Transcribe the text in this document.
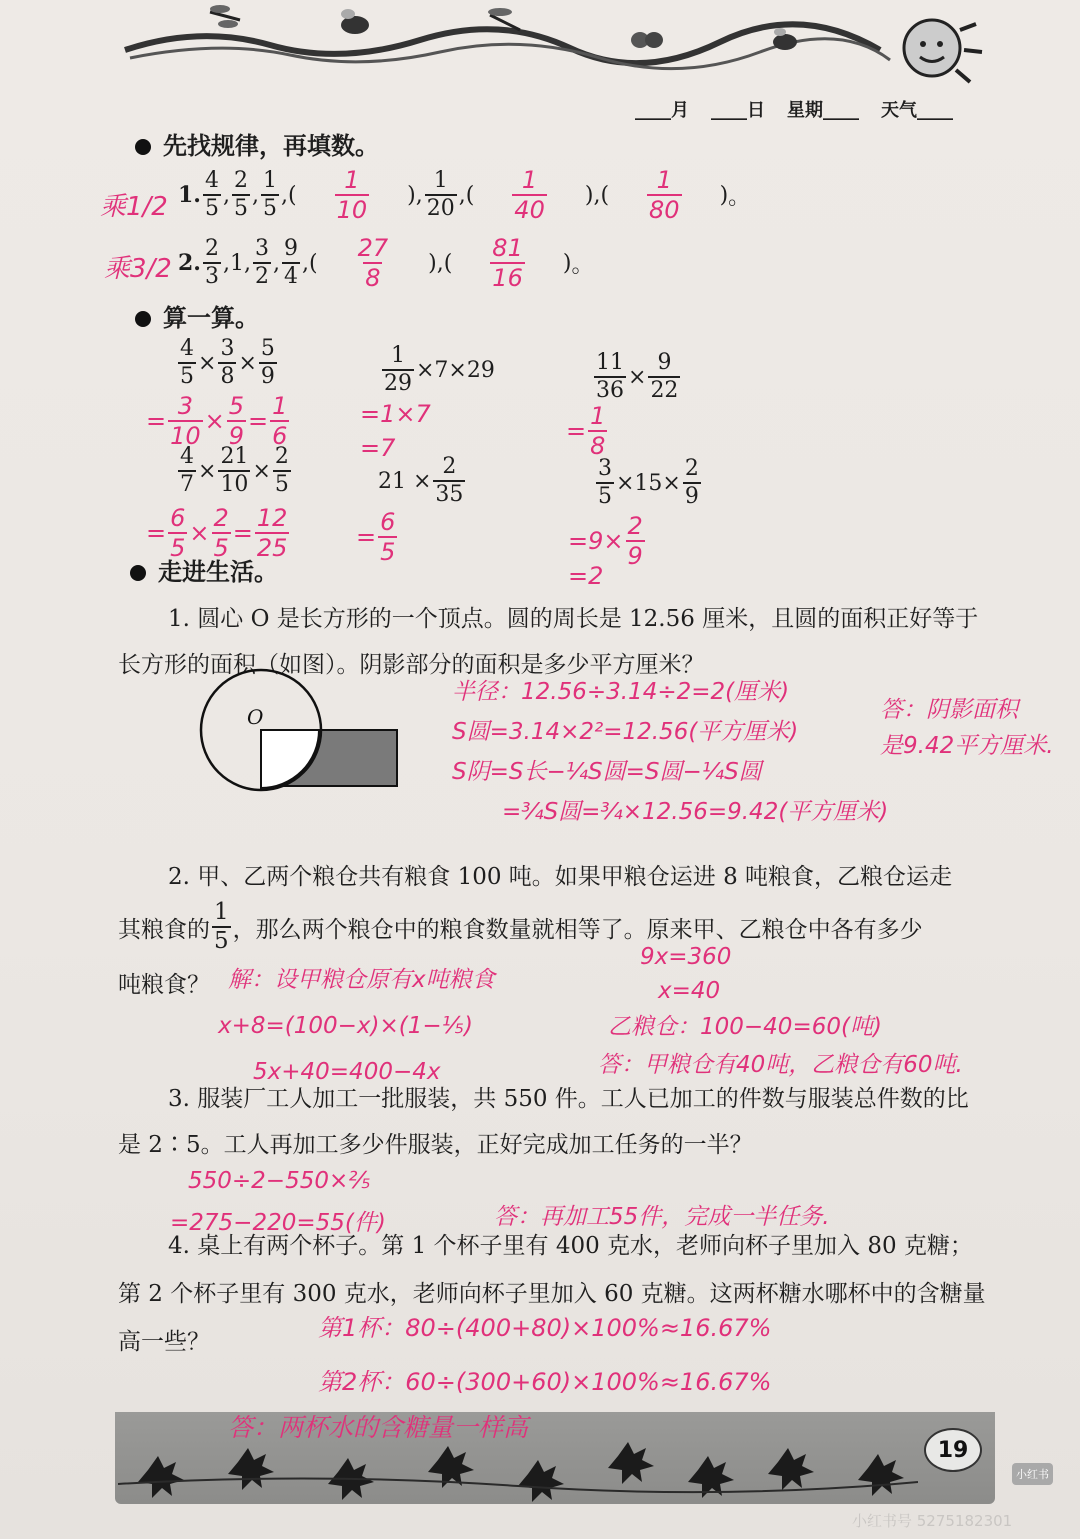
____月 ____日 星期____ 天气____
先找规律，再填数。
乘1/2 1. $\frac{4}{5}$ , $\frac{2}{5}$ , $\frac{1}{5}$ , ( $\frac{1}{10}$ ) , $\frac{1}{20}$ , ( $\frac{1}{40}$ ) , ( $\frac{1}{80}$ ) 。
乘3/2 2. $\frac{2}{3}$ , 1 , $\frac{3}{2}$ , $\frac{9}{4}$ , ( $\frac{27}{8}$ ) , ( $\frac{81}{16}$ ) 。
算一算。
$\frac{4}{5} \times \frac{3}{8} \times \frac{5}{9}$
= $\frac{3}{10} \times \frac{5}{9} = \frac{1}{6}$
$\frac{1}{29} \times 7\times 29$
=1×7
=7
$\frac{11}{36} \times \frac{9}{22}$
= $\frac{1}{8}$
$\frac{4}{7} \times \frac{21}{10} \times \frac{2}{5}$
= $\frac{6}{5} \times \frac{2}{5} = \frac{12}{25}$
$21 \times \frac{2}{35}$
= $\frac{6}{5}$
$\frac{3}{5} \times 15\times \frac{2}{9}$
$=9\times \frac{2}{9}$
=2
走进生活。
1. 圆心 O 是长方形的一个顶点。圆的周长是 12.56 厘米，且圆的面积正好等于长方形的面积（如图）。阴影部分的面积是多少平方厘米？
O
半径：12.56÷3.14÷2=2(厘米)
S圆=3.14×2²=12.56(平方厘米)
S阴=S长−¼S圆=S圆−¼S圆
=¾S圆=¾×12.56=9.42(平方厘米)
答：阴影面积
是9.42平方厘米.
2. 甲、乙两个粮仓共有粮食 100 吨。如果甲粮仓运进 8 吨粮食，乙粮仓运走
其粮食的 $\frac{1}{5}$ ，那么两个粮仓中的粮食数量就相等了。原来甲、乙粮仓中各有多少
吨粮食？ 解：设甲粮仓原有x吨粮食
x+8=(100−x)×(1−⅕)
5x+40=400−4x
9x=360
x=40
乙粮仓：100−40=60(吨)
答：甲粮仓有40吨，乙粮仓有60吨.
3. 服装厂工人加工一批服装，共 550 件。工人已加工的件数与服装总件数的比是 2∶5。工人再加工多少件服装，正好完成加工任务的一半？
550÷2−550×⅖
=275−220=55(件)	答：再加工55件，完成一半任务.
4. 桌上有两个杯子。第 1 个杯子里有 400 克水，老师向杯子里加入 80 克糖；第 2 个杯子里有 300 克水，老师向杯子里加入 60 克糖。这两杯糖水哪杯中的含糖量高一些？	第1杯：80÷(400+80)×100%≈16.67%
第2杯：60÷(300+60)×100%≈16.67%
答：两杯水的含糖量一样高
19
小红书
小红书号 5275182301
